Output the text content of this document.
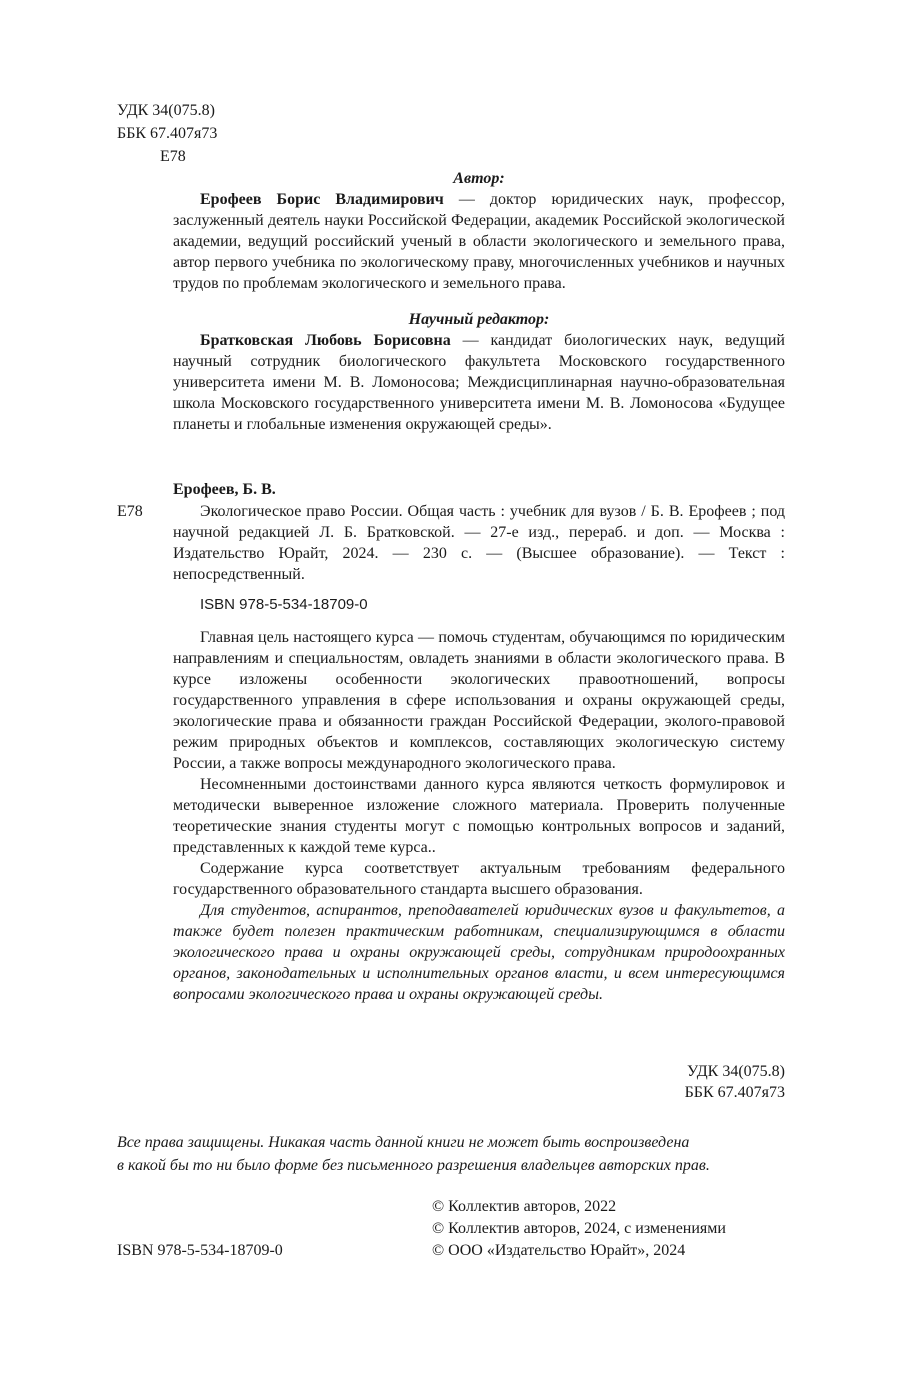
УДК 34(075.8)
ББК 67.407я73
Е78
Автор:
Ерофеев Борис Владимирович — доктор юридических наук, профессор, заслуженный деятель науки Российской Федерации, академик Российской экологической академии, ведущий российский ученый в области экологического и земельного права, автор первого учебника по экологическому праву, многочисленных учебников и научных трудов по проблемам экологического и земельного права.
Научный редактор:
Братковская Любовь Борисовна — кандидат биологических наук, ведущий научный сотрудник биологического факультета Московского государственного университета имени М. В. Ломоносова; Междисциплинарная научно-образовательная школа Московского государственного университета имени М. В. Ломоносова «Будущее планеты и глобальные изменения окружающей среды».
Ерофеев, Б. В.
Е78	Экологическое право России. Общая часть : учебник для вузов / Б. В. Ерофеев ; под научной редакцией Л. Б. Братковской. — 27-е изд., перераб. и доп. — Москва : Издательство Юрайт, 2024. — 230 с. — (Высшее образование). — Текст : непосредственный.
ISBN 978-5-534-18709-0
Главная цель настоящего курса — помочь студентам, обучающимся по юридическим направлениям и специальностям, овладеть знаниями в области экологического права. В курсе изложены особенности экологических правоотношений, вопросы государственного управления в сфере использования и охраны окружающей среды, экологические права и обязанности граждан Российской Федерации, эколого-правовой режим природных объектов и комплексов, составляющих экологическую систему России, а также вопросы международного экологического права.
Несомненными достоинствами данного курса являются четкость формулировок и методически выверенное изложение сложного материала. Проверить полученные теоретические знания студенты могут с помощью контрольных вопросов и заданий, представленных к каждой теме курса..
Содержание курса соответствует актуальным требованиям федерального государственного образовательного стандарта высшего образования.
Для студентов, аспирантов, преподавателей юридических вузов и факультетов, а также будет полезен практическим работникам, специализирующимся в области экологического права и охраны окружающей среды, сотрудникам природоохранных органов, законодательных и исполнительных органов власти, и всем интересующимся вопросами экологического права и охраны окружающей среды.
УДК 34(075.8)
ББК 67.407я73
Все права защищены. Никакая часть данной книги не может быть воспроизведена
в какой бы то ни было форме без письменного разрешения владельцев авторских прав.
ISBN 978-5-534-18709-0
© Коллектив авторов, 2022
© Коллектив авторов, 2024, с изменениями
© ООО «Издательство Юрайт», 2024
